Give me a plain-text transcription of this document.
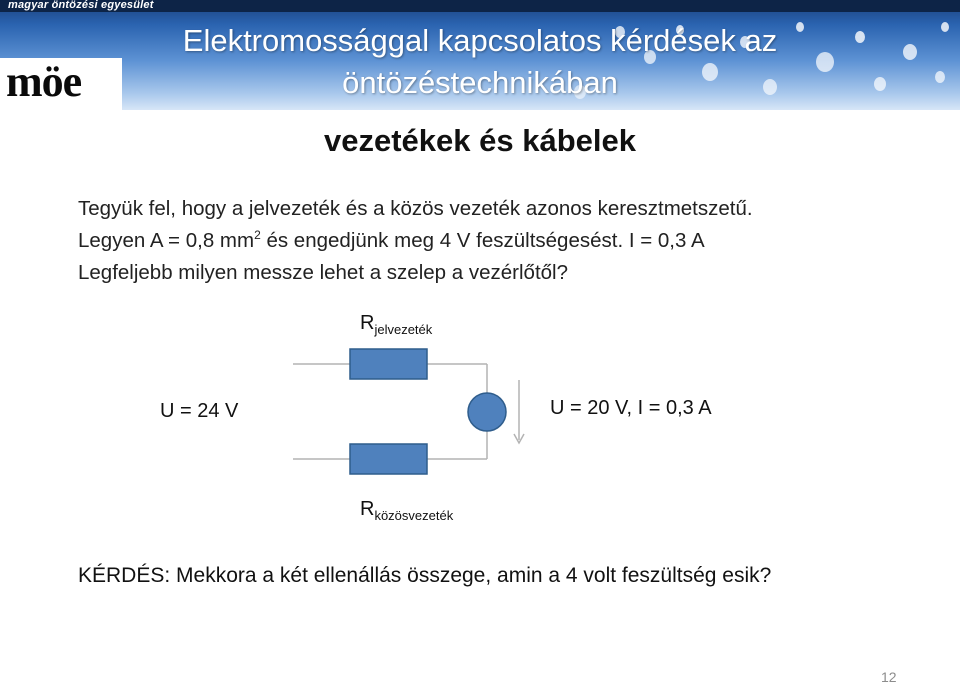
magyar öntözési egyesület
möe
Elektromossággal kapcsolatos kérdések az
öntözéstechnikában
vezetékek és kábelek
Tegyük fel, hogy a jelvezeték és a közös vezeték azonos keresztmetszetű.
Legyen A = 0,8 $mm^2$ és engedjünk meg 4 V feszültségesést. I = 0,3 A
Legfeljebb milyen messze lehet a szelep a vezérlőtől?
$R_{jelvezeték}$
U = 24 V	U = 20 V, I = 0,3 A
$R_{közösvezeték}$
KÉRDÉS: Mekkora a két ellenállás összege, amin a 4 volt feszültség esik?
12
